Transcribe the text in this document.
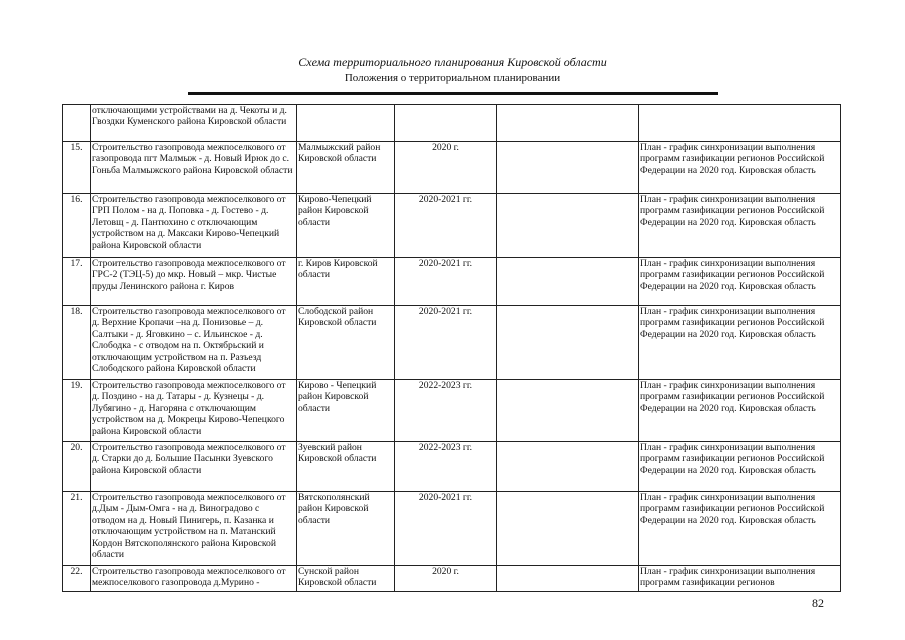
Схема территориального планирования Кировской области
Положения о территориальном планировании
	отключающими устройствами на д. Чекоты и д. Гвоздки Куменского района Кировской области				
15.	Строительство газопровода межпоселкового от газопровода пгт Малмыж - д. Новый Ирюк до с. Гоньба Малмыжского района Кировской области	Малмыжский район Кировской области	2020 г.		План - график синхронизации выполнения программ газификации регионов Российской Федерации на 2020 год. Кировская область
16.	Строительство газопровода межпоселкового от ГРП Полом - на д. Поповка - д. Гостево - д. Летовщ - д. Пантюхино с отключающим устройством на д. Максаки Кирово-Чепецкий района Кировской области	Кирово-Чепецкий район Кировской области	2020-2021 гг.		План - график синхронизации выполнения программ газификации регионов Российской Федерации на 2020 год. Кировская область
17.	Строительство газопровода межпоселкового от ГРС-2 (ТЭЦ-5) до мкр. Новый – мкр. Чистые пруды Ленинского района г. Киров	г. Киров Кировской области	2020-2021 гг.		План - график синхронизации выполнения программ газификации регионов Российской Федерации на 2020 год. Кировская область
18.	Строительство газопровода межпоселкового от д. Верхние Кропачи –на д. Понизовье – д. Салтыки - д. Яговкино – с. Ильинское - д. Слободка - с отводом на п. Октябрьский и отключающим устройством на п. Разъезд Слободского района Кировской области	Слободской район Кировской области	2020-2021 гг.		План - график синхронизации выполнения программ газификации регионов Российской Федерации на 2020 год. Кировская область
19.	Строительство газопровода межпоселкового от д. Поздино - на д. Татары - д. Кузнецы - д. Лубягино - д. Нагоряна с отключающим устройством на д. Мокрецы Кирово-Чепецкого района Кировской области	Кирово - Чепецкий район Кировской области	2022-2023 гг.		План - график синхронизации выполнения программ газификации регионов Российской Федерации на 2020 год. Кировская область
20.	Строительство газопровода межпоселкового от д. Старки до д. Большие Пасынки Зуевского района Кировской области	Зуевский район Кировской области	2022-2023 гг.		План - график синхронизации выполнения программ газификации регионов Российской Федерации на 2020 год. Кировская область
21.	Строительство газопровода межпоселкового от д.Дым - Дым-Омга - на д. Виноградово с отводом на д. Новый Пинигерь, п. Казанка и отключающим устройством на п. Матанский Кордон Вятскополянского района Кировской области	Вятскополянский район Кировской области	2020-2021 гг.		План - график синхронизации выполнения программ газификации регионов Российской Федерации на 2020 год. Кировская область
22.	Строительство газопровода межпоселкового от межпоселкового газопровода д.Мурино -	Сунской район Кировской области	2020 г.		План - график синхронизации выполнения программ газификации регионов
82
